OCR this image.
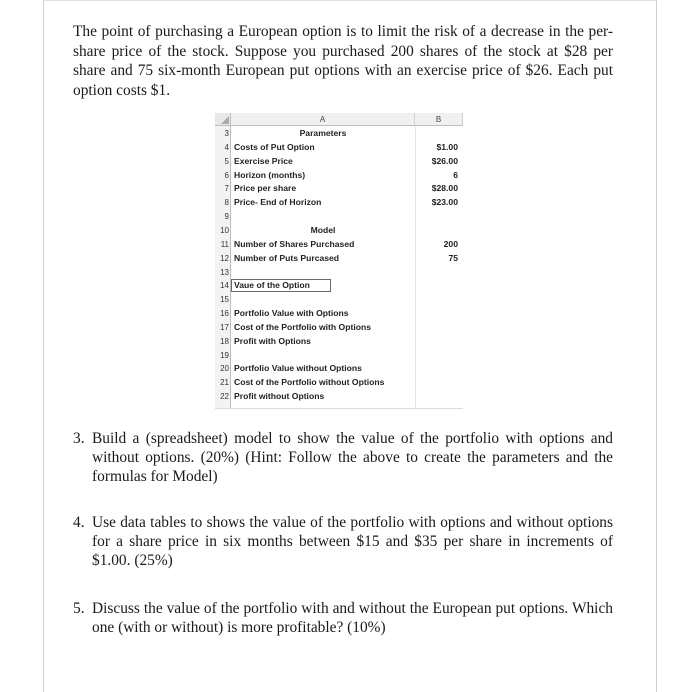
The point of purchasing a European option is to limit the risk of a decrease in the per-share price of the stock. Suppose you purchased 200 shares of the stock at $28 per share and 75 six-month European put options with an exercise price of $26. Each put option costs $1.
A	B
3	Parameters
4 Costs of Put Option	$1.00
5 Exercise Price	$26.00
6 Horizon (months)	6
7 Price per share	$28.00
8 Price- End of Horizon	$23.00
9
10	Model
11 Number of Shares Purchased	200
12 Number of Puts Purcased	75
13
14 Vaue of the Option
15
16 Portfolio Value with Options
17 Cost of the Portfolio with Options
18 Profit with Options
19
20 Portfolio Value without Options
21 Cost of the Portfolio without Options
22 Profit without Options
3. Build a (spreadsheet) model to show the value of the portfolio with options and without options. (20%) (Hint: Follow the above to create the parameters and the formulas for Model)
4. Use data tables to shows the value of the portfolio with options and without options for a share price in six months between $15 and $35 per share in increments of $1.00. (25%)
5. Discuss the value of the portfolio with and without the European put options. Which one (with or without) is more profitable? (10%)
